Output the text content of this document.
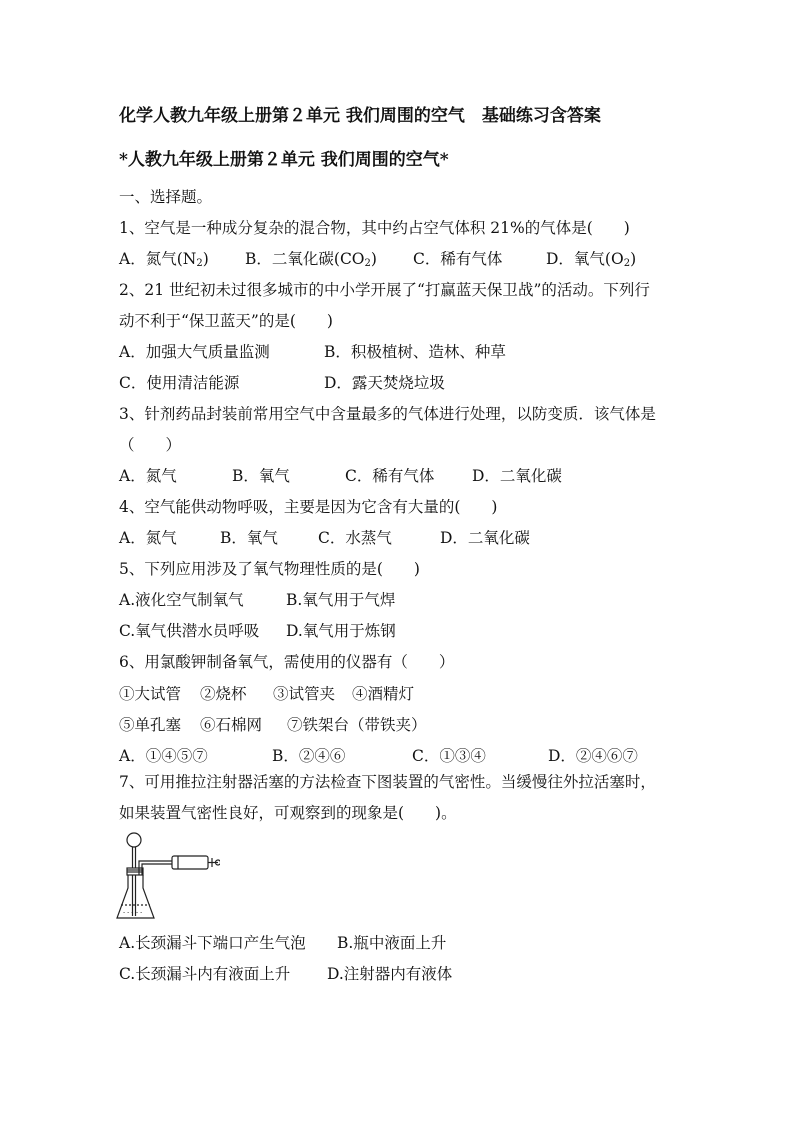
化学人教九年级上册第２单元 我们周围的空气　基础练习含答案
*人教九年级上册第２单元 我们周围的空气*
一、选择题。
1、空气是一种成分复杂的混合物，其中约占空气体积 21%的气体是(　　)
A．氮气$(N_2)$ B．二氧化碳$(CO_2)$ C．稀有气体	D．氧气$(O_2)$
2、21 世纪初未过很多城市的中小学开展了“打赢蓝天保卫战”的活动。下列行
动不利于“保卫蓝天”的是(　　)
A．加强大气质量监测	B．积极植树、造林、种草
C．使用清洁能源	D．露天焚烧垃圾
3、针剂药品封装前常用空气中含量最多的气体进行处理，以防变质．该气体是
（　　）
A．氮气	B．氧气	C．稀有气体 D．二氧化碳
4、空气能供动物呼吸，主要是因为它含有大量的(　　)
A．氮气	B．氧气	C．水蒸气	D．二氧化碳
5、下列应用涉及了氧气物理性质的是(　　)
A.液化空气制氧气	B.氧气用于气焊
C.氧气供潜水员呼吸 D.氧气用于炼钢
6、用氯酸钾制备氧气，需使用的仪器有（　　）
①大试管 ②烧杯 ③试管夹 ④酒精灯
⑤单孔塞 ⑥石棉网 ⑦铁架台（带铁夹）
A．①④⑤⑦	B．②④⑥	C．①③④	D．②④⑥⑦
7、可用推拉注射器活塞的方法检查下图装置的气密性。当缓慢往外拉活塞时，
如果装置气密性良好，可观察到的现象是(　　)。
- - - - -
A.长颈漏斗下端口产生气泡 B.瓶中液面上升
C.长颈漏斗内有液面上升 D.注射器内有液体
